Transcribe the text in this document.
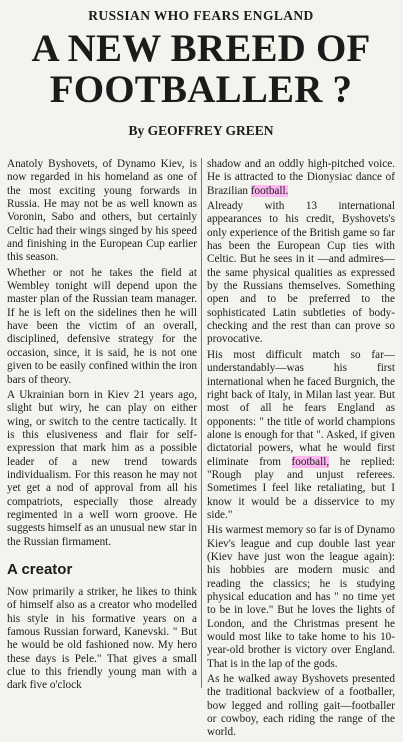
RUSSIAN WHO FEARS ENGLAND
A NEW BREED OF
FOOTBALLER ?
By GEOFFREY GREEN

Anatoly Byshovets, of Dynamo Kiev, is now regarded in his homeland as one of the most exciting young forwards in Russia. He may not be as well known as Voronin, Sabo and others, but certainly Celtic had their wings singed by his speed and finishing in the European Cup earlier this season.

Whether or not he takes the field at Wembley tonight will depend upon the master plan of the Russian team manager. If he is left on the sidelines then he will have been the victim of an overall, disciplined, defensive strategy for the occasion, since, it is said, he is not one given to be easily confined within the iron bars of theory.

A Ukrainian born in Kiev 21 years ago, slight but wiry, he can play on either wing, or switch to the centre tactically. It is this elusiveness and flair for self-expression that mark him as a possible leader of a new trend towards individualism. For this reason he may not yet get a nod of approval from all his compatriots, especially those already regimented in a well worn groove. He suggests himself as an unusual new star in the Russian firmament.

A creator

Now primarily a striker, he likes to think of himself also as a creator who modelled his style in his formative years on a famous Russian forward, Kanevski. " But he would be old fashioned now. My hero these days is Pele." That gives a small clue to this friendly young man with a dark five o'clock

shadow and an oddly high-pitched voice. He is attracted to the Dionysiac dance of Brazilian football.

Already with 13 international appearances to his credit, Byshovets's only experience of the British game so far has been the European Cup ties with Celtic. But he sees in it —and admires—the same physical qualities as expressed by the Russians themselves. Something open and to be preferred to the sophisticated Latin subtleties of body-checking and the rest than can prove so provocative.

His most difficult match so far— understandably—was his first international when he faced Burgnich, the right back of Italy, in Milan last year. But most of all he fears England as opponents: " the title of world champions alone is enough for that ". Asked, if given dictatorial powers, what he would first eliminate from football, he replied: "Rough play and unjust referees. Sometimes I feel like retaliating, but I know it would be a disservice to my side."

His warmest memory so far is of Dynamo Kiev's league and cup double last year (Kiev have just won the league again): his hobbies are modern music and reading the classics; he is studying physical education and has " no time yet to be in love." But he loves the lights of London, and the Christmas present he would most like to take home to his 10-year-old brother is victory over England. That is in the lap of the gods.

As he walked away Byshovets presented the traditional backview of a footballer, bow legged and rolling gait—footballer or cowboy, each riding the range of the world.
